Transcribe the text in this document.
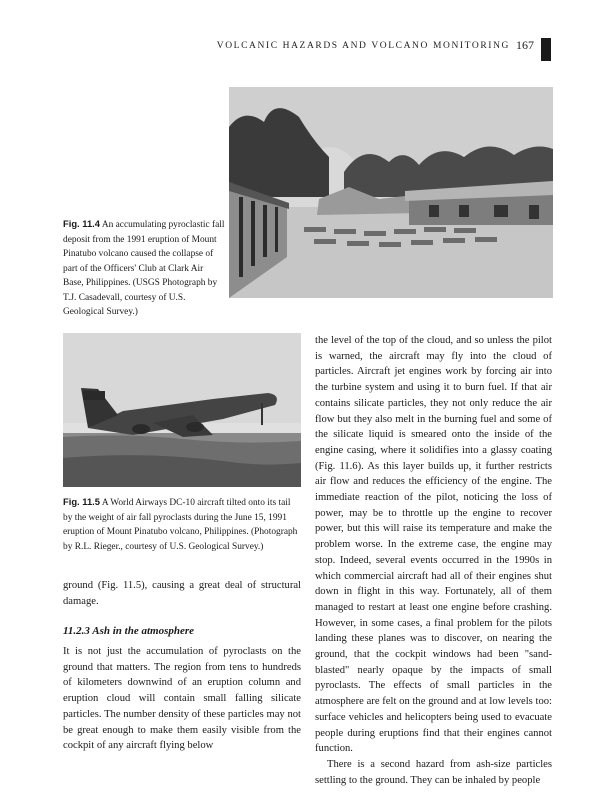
VOLCANIC HAZARDS AND VOLCANO MONITORING 167
Fig. 11.4 An accumulating pyroclastic fall deposit from the 1991 eruption of Mount Pinatubo volcano caused the collapse of part of the Officers' Club at Clark Air Base, Philippines. (USGS Photograph by T.J. Casadevall, courtesy of U.S. Geological Survey.)
Fig. 11.5 A World Airways DC-10 aircraft tilted onto its tail by the weight of air fall pyroclasts during the June 15, 1991 eruption of Mount Pinatubo volcano, Philippines. (Photograph by R.L. Rieger., courtesy of U.S. Geological Survey.)

ground (Fig. 11.5), causing a great deal of structural damage.

11.2.3 Ash in the atmosphere

It is not just the accumulation of pyroclasts on the ground that matters. The region from tens to hundreds of kilometers downwind of an eruption column and eruption cloud will contain small falling silicate particles. The number density of these particles may not be great enough to make them easily visible from the cockpit of any aircraft flying below

the level of the top of the cloud, and so unless the pilot is warned, the aircraft may fly into the cloud of particles. Aircraft jet engines work by forcing air into the turbine system and using it to burn fuel. If that air contains silicate particles, they not only reduce the air flow but they also melt in the burning fuel and some of the silicate liquid is smeared onto the inside of the engine casing, where it solidifies into a glassy coating (Fig. 11.6). As this layer builds up, it further restricts air flow and reduces the efficiency of the engine. The immediate reaction of the pilot, noticing the loss of power, may be to throttle up the engine to recover power, but this will raise its temperature and make the problem worse. In the extreme case, the engine may stop. Indeed, several events occurred in the 1990s in which commercial aircraft had all of their engines shut down in flight in this way. Fortunately, all of them managed to restart at least one engine before crashing. However, in some cases, a final problem for the pilots landing these planes was to discover, on nearing the ground, that the cockpit windows had been "sand-blasted" nearly opaque by the impacts of small pyroclasts. The effects of small particles in the atmosphere are felt on the ground and at low levels too: surface vehicles and helicopters being used to evacuate people during eruptions find that their engines cannot function.

There is a second hazard from ash-size particles settling to the ground. They can be inhaled by people
